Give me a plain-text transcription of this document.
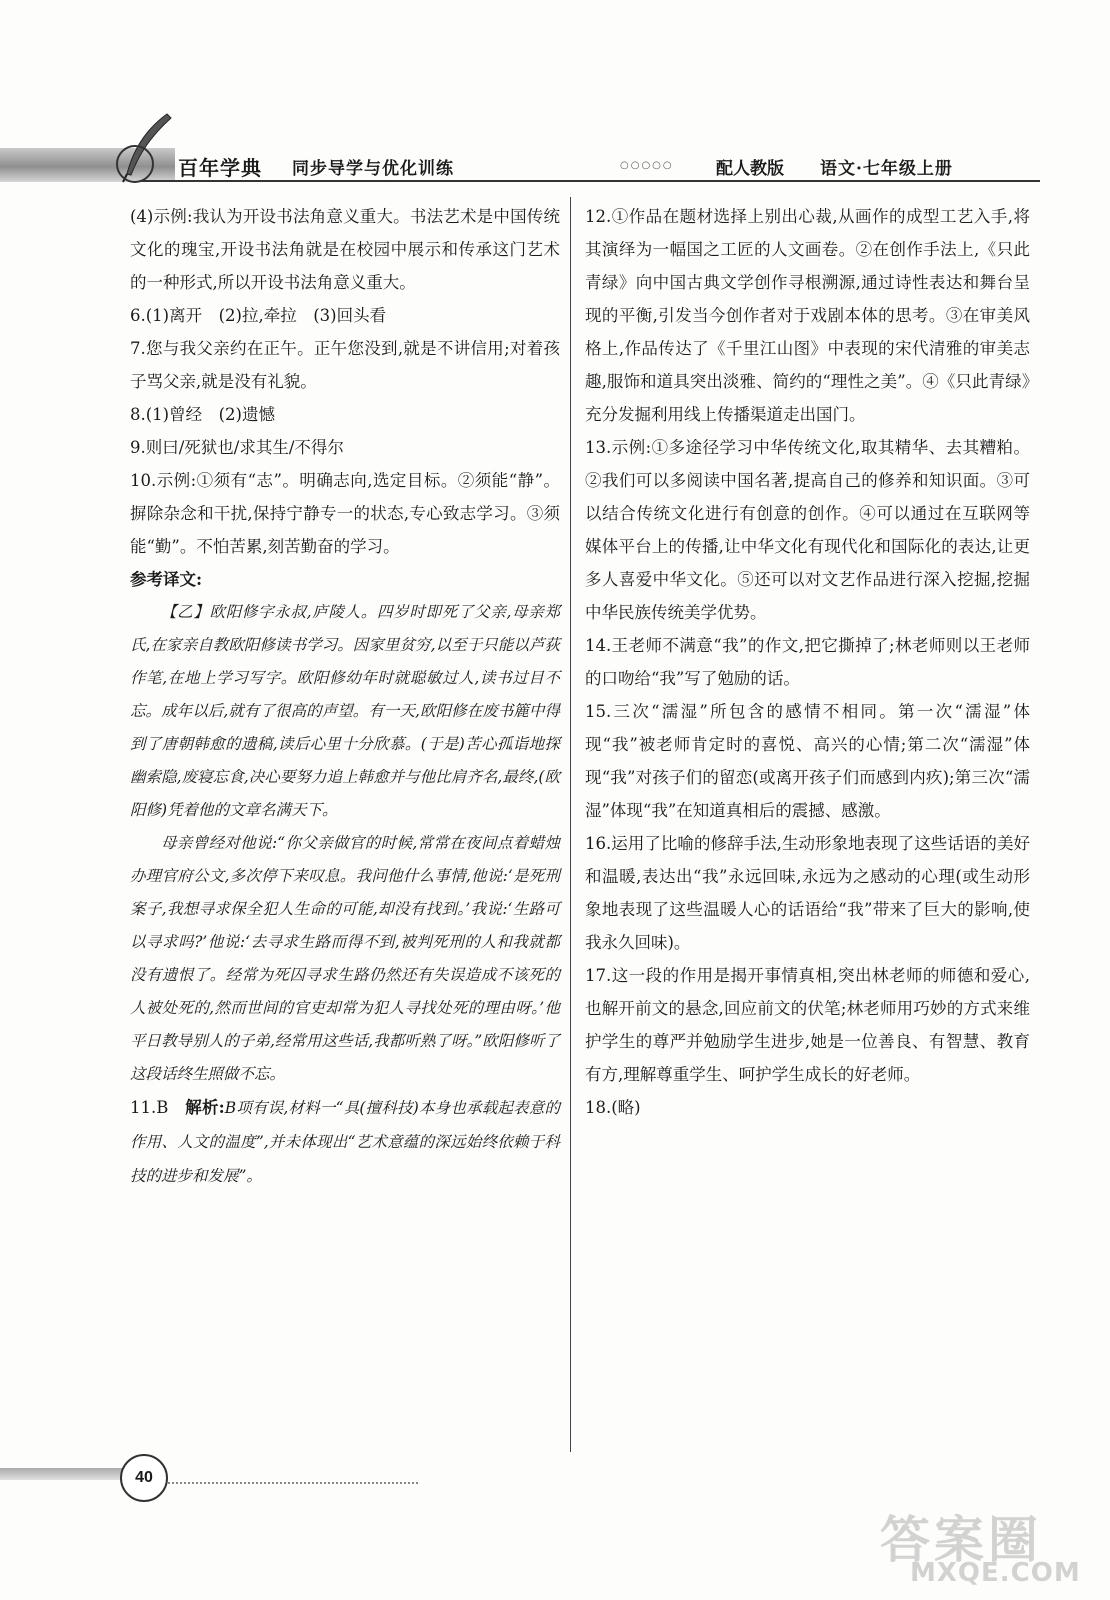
百年学典 同步导学与优化训练	○○○○○ 配人教版 语文·七年级上册

(4)示例:我认为开设书法角意义重大。书法艺术是中国传统文化的瑰宝,开设书法角就是在校园中展示和传承这门艺术的一种形式,所以开设书法角意义重大。

6.(1)离开　(2)拉,牵拉　(3)回头看

7.您与我父亲约在正午。正午您没到,就是不讲信用;对着孩子骂父亲,就是没有礼貌。

8.(1)曾经　(2)遗憾

9.则曰/死狱也/求其生/不得尔

10.示例:①须有“志”。明确志向,选定目标。②须能“静”。摒除杂念和干扰,保持宁静专一的状态,专心致志学习。③须能“勤”。不怕苦累,刻苦勤奋的学习。

参考译文:

【乙】欧阳修字永叔,庐陵人。四岁时即死了父亲,母亲郑氏,在家亲自教欧阳修读书学习。因家里贫穷,以至于只能以芦荻作笔,在地上学习写字。欧阳修幼年时就聪敏过人,读书过目不忘。成年以后,就有了很高的声望。有一天,欧阳修在废书簏中得到了唐朝韩愈的遗稿,读后心里十分欣慕。(于是)苦心孤诣地探幽索隐,废寝忘食,决心要努力追上韩愈并与他比肩齐名,最终,(欧阳修)凭着他的文章名满天下。

母亲曾经对他说:“你父亲做官的时候,常常在夜间点着蜡烛办理官府公文,多次停下来叹息。我问他什么事情,他说:‘是死刑案子,我想寻求保全犯人生命的可能,却没有找到。’我说:‘生路可以寻求吗?’他说:‘去寻求生路而得不到,被判死刑的人和我就都没有遗恨了。经常为死囚寻求生路仍然还有失误造成不该死的人被处死的,然而世间的官吏却常为犯人寻找处死的理由呀。’他平日教导别人的子弟,经常用这些话,我都听熟了呀。”欧阳修听了这段话终生照做不忘。

11.B　 解析:B项有误,材料一“具(擅科技)本身也承载起表意的作用、人文的温度”,并未体现出“艺术意蕴的深远始终依赖于科技的进步和发展”。

12.①作品在题材选择上别出心裁,从画作的成型工艺入手,将其演绎为一幅国之工匠的人文画卷。②在创作手法上,《只此青绿》向中国古典文学创作寻根溯源,通过诗性表达和舞台呈现的平衡,引发当今创作者对于戏剧本体的思考。③在审美风格上,作品传达了《千里江山图》中表现的宋代清雅的审美志趣,服饰和道具突出淡雅、简约的“理性之美”。④《只此青绿》充分发掘利用线上传播渠道走出国门。

13.示例:①多途径学习中华传统文化,取其精华、去其糟粕。②我们可以多阅读中国名著,提高自己的修养和知识面。③可以结合传统文化进行有创意的创作。④可以通过在互联网等媒体平台上的传播,让中华文化有现代化和国际化的表达,让更多人喜爱中华文化。⑤还可以对文艺作品进行深入挖掘,挖掘中华民族传统美学优势。

14.王老师不满意“我”的作文,把它撕掉了;林老师则以王老师的口吻给“我”写了勉励的话。

15.三次“濡湿”所包含的感情不相同。第一次“濡湿”体现“我”被老师肯定时的喜悦、高兴的心情;第二次“濡湿”体现“我”对孩子们的留恋(或离开孩子们而感到内疚);第三次“濡湿”体现“我”在知道真相后的震撼、感激。

16.运用了比喻的修辞手法,生动形象地表现了这些话语的美好和温暖,表达出“我”永远回味,永远为之感动的心理(或生动形象地表现了这些温暖人心的话语给“我”带来了巨大的影响,使我永久回味)。

17.这一段的作用是揭开事情真相,突出林老师的师德和爱心,也解开前文的悬念,回应前文的伏笔;林老师用巧妙的方式来维护学生的尊严并勉励学生进步,她是一位善良、有智慧、教育有方,理解尊重学生、呵护学生成长的好老师。

18.(略)

40
答案圈
MXQE.COM
